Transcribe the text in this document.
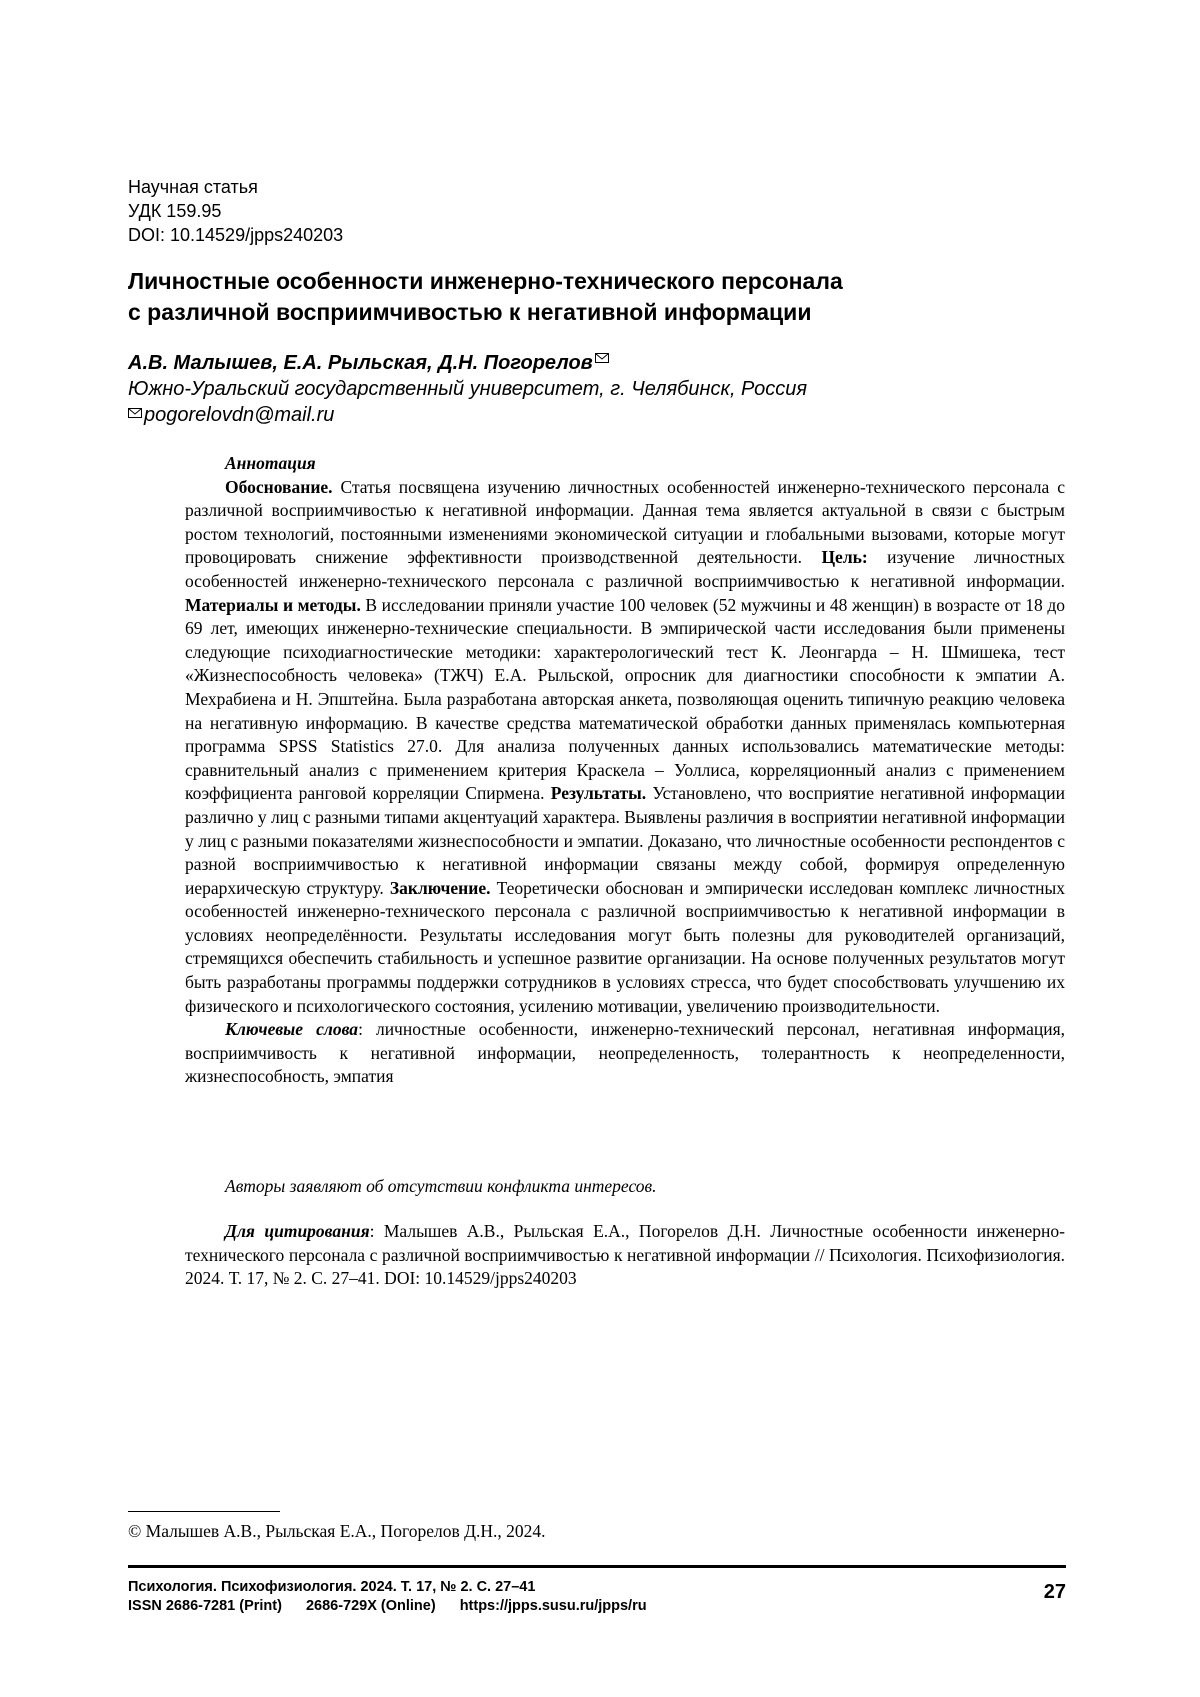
Научная статья
УДК 159.95
DOI: 10.14529/jpps240203
Личностные особенности инженерно-технического персонала
с различной восприимчивостью к негативной информации
А.В. Малышев, Е.А. Рыльская, Д.Н. Погорелов
Южно-Уральский государственный университет, г. Челябинск, Россия
pogorelovdn@mail.ru
Аннотация

Обоснование. Статья посвящена изучению личностных особенностей инженерно-технического персонала с различной восприимчивостью к негативной информации. Данная тема является актуальной в связи с быстрым ростом технологий, постоянными изменениями экономической ситуации и глобальными вызовами, которые могут провоцировать снижение эффективности производственной деятельности. Цель: изучение личностных особенностей инженерно-технического персонала с различной восприимчивостью к негативной информации. Материалы и методы. В исследовании приняли участие 100 человек (52 мужчины и 48 женщин) в возрасте от 18 до 69 лет, имеющих инженерно-технические специальности. В эмпирической части исследования были применены следующие психодиагностические методики: характерологический тест К. Леонгарда – Н. Шмишека, тест «Жизнеспособность человека» (ТЖЧ) Е.А. Рыльской, опросник для диагностики способности к эмпатии А. Мехрабиена и Н. Эпштейна. Была разработана авторская анкета, позволяющая оценить типичную реакцию человека на негативную информацию. В качестве средства математической обработки данных применялась компьютерная программа SPSS Statistics 27.0. Для анализа полученных данных использовались математические методы: сравнительный анализ с применением критерия Краскела – Уоллиса, корреляционный анализ с применением коэффициента ранговой корреляции Спирмена. Результаты. Установлено, что восприятие негативной информации различно у лиц с разными типами акцентуаций характера. Выявлены различия в восприятии негативной информации у лиц с разными показателями жизнеспособности и эмпатии. Доказано, что личностные особенности респондентов с разной восприимчивостью к негативной информации связаны между собой, формируя определенную иерархическую структуру. Заключение. Теоретически обоснован и эмпирически исследован комплекс личностных особенностей инженерно-технического персонала с различной восприимчивостью к негативной информации в условиях неопределённости. Результаты исследования могут быть полезны для руководителей организаций, стремящихся обеспечить стабильность и успешное развитие организации. На основе полученных результатов могут быть разработаны программы поддержки сотрудников в условиях стресса, что будет способствовать улучшению их физического и психологического состояния, усилению мотивации, увеличению производительности.

Ключевые слова: личностные особенности, инженерно-технический персонал, негативная информация, восприимчивость к негативной информации, неопределенность, толерантность к неопределенности, жизнеспособность, эмпатия

Авторы заявляют об отсутствии конфликта интересов.

Для цитирования: Малышев А.В., Рыльская Е.А., Погорелов Д.Н. Личностные особенности инженерно-технического персонала с различной восприимчивостью к негативной информации // Психология. Психофизиология. 2024. Т. 17, № 2. С. 27–41. DOI: 10.14529/jpps240203

© Малышев А.В., Рыльская Е.А., Погорелов Д.Н., 2024.
Психология. Психофизиология. 2024. Т. 17, № 2. С. 27–41
ISSN 2686-7281 (Print) 2686-729X (Online) https://jpps.susu.ru/jpps/ru
27
